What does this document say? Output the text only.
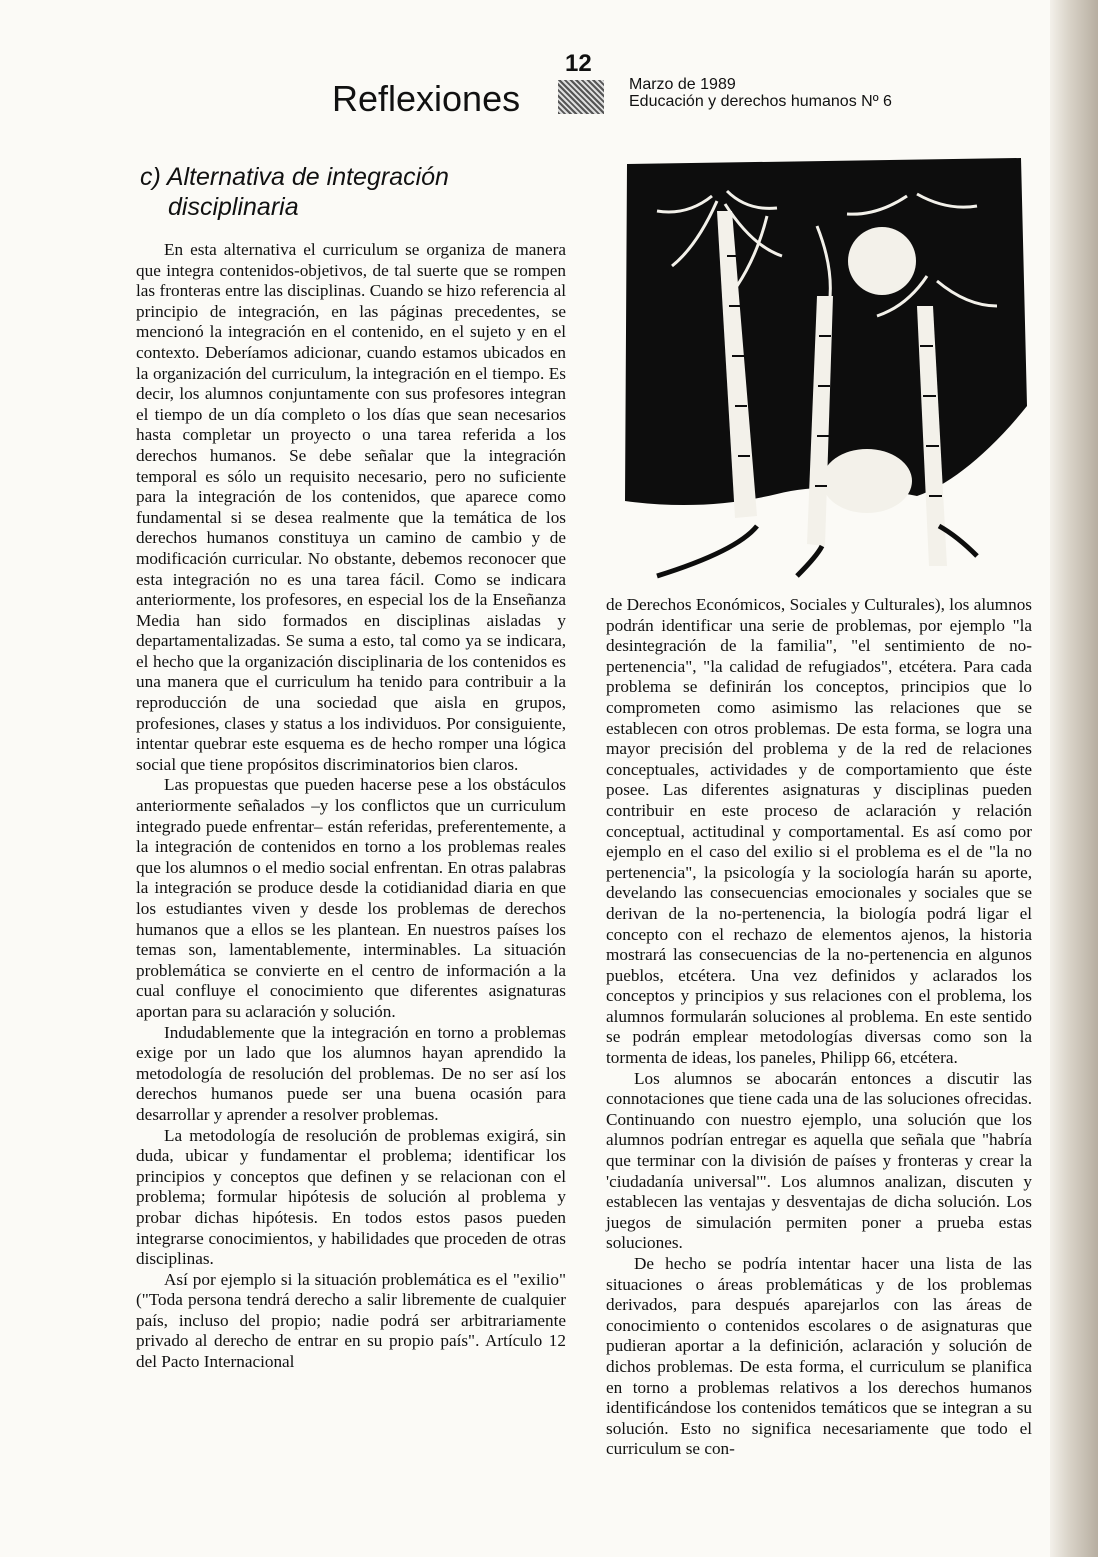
12
Reflexiones	Marzo de 1989
Educación y derechos humanos Nº 6
c) Alternativa de integración
disciplinaria

En esta alternativa el curriculum se organiza de manera que integra contenidos-objetivos, de tal suerte que se rompen las fronteras entre las disciplinas. Cuando se hizo referencia al principio de integración, en las páginas precedentes, se mencionó la integración en el contenido, en el sujeto y en el contexto. Deberíamos adicionar, cuando estamos ubicados en la organización del curriculum, la integración en el tiempo. Es decir, los alumnos conjuntamente con sus profesores integran el tiempo de un día completo o los días que sean necesarios hasta completar un proyecto o una tarea referida a los derechos humanos. Se debe señalar que la integración temporal es sólo un requisito necesario, pero no suficiente para la integración de los contenidos, que aparece como fundamental si se desea realmente que la temática de los derechos humanos constituya un camino de cambio y de modificación curricular. No obstante, debemos reconocer que esta integración no es una tarea fácil. Como se indicara anteriormente, los profesores, en especial los de la Enseñanza Media han sido formados en disciplinas aisladas y departamentalizadas. Se suma a esto, tal como ya se indicara, el hecho que la organización disciplinaria de los contenidos es una manera que el curriculum ha tenido para contribuir a la reproducción de una sociedad que aisla en grupos, profesiones, clases y status a los individuos. Por consiguiente, intentar quebrar este esquema es de hecho romper una lógica social que tiene propósitos discriminatorios bien claros.

Las propuestas que pueden hacerse pese a los obstáculos anteriormente señalados –y los conflictos que un curriculum integrado puede enfrentar– están referidas, preferentemente, a la integración de contenidos en torno a los problemas reales que los alumnos o el medio social enfrentan. En otras palabras la integración se produce desde la cotidianidad diaria en que los estudiantes viven y desde los problemas de derechos humanos que a ellos se les plantean. En nuestros países los temas son, lamentablemente, interminables. La situación problemática se convierte en el centro de información a la cual confluye el conocimiento que diferentes asignaturas aportan para su aclaración y solución.

Indudablemente que la integración en torno a problemas exige por un lado que los alumnos hayan aprendido la metodología de resolución del problemas. De no ser así los derechos humanos puede ser una buena ocasión para desarrollar y aprender a resolver problemas.

La metodología de resolución de problemas exigirá, sin duda, ubicar y fundamentar el problema; identificar los principios y conceptos que definen y se relacionan con el problema; formular hipótesis de solución al problema y probar dichas hipótesis. En todos estos pasos pueden integrarse conocimientos, y habilidades que proceden de otras disciplinas.

Así por ejemplo si la situación problemática es el "exilio" ("Toda persona tendrá derecho a salir libremente de cualquier país, incluso del propio; nadie podrá ser arbitrariamente privado al derecho de entrar en su propio país". Artículo 12 del Pacto Internacional

de Derechos Económicos, Sociales y Culturales), los alumnos podrán identificar una serie de problemas, por ejemplo "la desintegración de la familia", "el sentimiento de no-pertenencia", "la calidad de refugiados", etcétera. Para cada problema se definirán los conceptos, principios que lo comprometen como asimismo las relaciones que se establecen con otros problemas. De esta forma, se logra una mayor precisión del problema y de la red de relaciones conceptuales, actividades y de comportamiento que éste posee. Las diferentes asignaturas y disciplinas pueden contribuir en este proceso de aclaración y relación conceptual, actitudinal y comportamental. Es así como por ejemplo en el caso del exilio si el problema es el de "la no pertenencia", la psicología y la sociología harán su aporte, develando las consecuencias emocionales y sociales que se derivan de la no-pertenencia, la biología podrá ligar el concepto con el rechazo de elementos ajenos, la historia mostrará las consecuencias de la no-pertenencia en algunos pueblos, etcétera. Una vez definidos y aclarados los conceptos y principios y sus relaciones con el problema, los alumnos formularán soluciones al problema. En este sentido se podrán emplear metodologías diversas como son la tormenta de ideas, los paneles, Philipp 66, etcétera.

Los alumnos se abocarán entonces a discutir las connotaciones que tiene cada una de las soluciones ofrecidas. Continuando con nuestro ejemplo, una solución que los alumnos podrían entregar es aquella que señala que "habría que terminar con la división de países y fronteras y crear la 'ciudadanía universal'". Los alumnos analizan, discuten y establecen las ventajas y desventajas de dicha solución. Los juegos de simulación permiten poner a prueba estas soluciones.

De hecho se podría intentar hacer una lista de las situaciones o áreas problemáticas y de los problemas derivados, para después aparejarlos con las áreas de conocimiento o contenidos escolares o de asignaturas que pudieran aportar a la definición, aclaración y solución de dichos problemas. De esta forma, el curriculum se planifica en torno a problemas relativos a los derechos humanos identificándose los contenidos temáticos que se integran a su solución. Esto no significa necesariamente que todo el curriculum se con-
